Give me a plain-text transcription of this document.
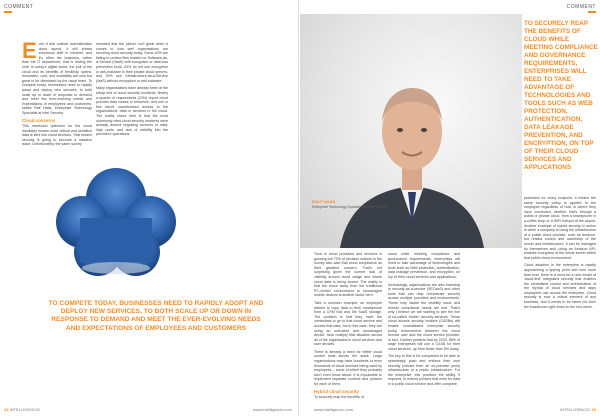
COMMENT

Even if that outlook overestimates cloud spend, it still shows enormous shift in mindset, and it's often the business, rather than the IT department, that is driving the shift. In today's digital world, the pull of the cloud and its benefits of flexibility, speed, innovation, cost, and scalability are now too great to be dismissed by the usual fears. To compete today, businesses need to rapidly adopt and deploy new services, to both scale up or down in response to demand and meet the ever-evolving needs and expectations of employees and customers, states Ralf Haas, Enterprise Technology Specialist at Intel Security.

Cloud concerns

This newfound optimism for the cloud inevitably means more critical and sensitive data is sent into cloud services. That means security is going to become a massive issue. Unfortunately, the same survey

revealed that the picture isn't great when it comes to how well organisations are securing cloud security today. Some 40% are failing to protect files located on Software-as-a-Service (SaaS) with encryption or data loss prevention tools, 43% do not use encryption or anti-malware in their private cloud servers, and 39% use Infrastructure-as-a-Service (IaaS) without encryption or anti-malware.

Many organisations have already been at the sharp end of cloud security incidents. Nearly a quarter of respondents (23%) report cloud provider data losses or breaches, and one in five report unauthorised access to the organisations' data or services in the cloud. The reality check here is that the most commonly cited cloud security incidents were actually around migrating services or data, high costs, and lack of visibility into the provider's operations.

TO COMPETE TODAY, BUSINESSES NEED TO RAPIDLY ADOPT AND DEPLOY NEW SERVICES, TO BOTH SCALE UP OR DOWN IN RESPONSE TO DEMAND AND MEET THE EVER-EVOLVING NEEDS AND EXPECTATIONS OF EMPLOYEES AND CUSTOMERS
24 INTELLIGENCIO	www.intelligencio.com
COMMENT
RALF HAAS
Enterprise Technology Specialist at Intel Security
TO SECURELY REAP THE BENEFITS OF CLOUD WHILE MEETING COMPLIANCE AND GOVERNANCE REQUIREMENTS, ENTERPRISES WILL NEED TO TAKE ADVANTAGE OF TECHNOLOGIES AND TOOLS SUCH AS WEB PROTECTION, AUTHENTICATION, DATA LEAKAGE PREVENTION, AND ENCRYPTION, ON TOP OF THEIR CLOUD SERVICES AND APPLICATIONS

Trust in cloud providers and services is growing but 72% of decision makers in the survey also said that cloud compliance as their greatest concern. That's not surprising given the current lack of visibility around cloud usage and where cloud data is being stored. The reality is that the move away from the traditional PC-centric environment to unmanaged mobile devices is another factor here.

Take a common example: an employee wishes to copy data to their smartphone from a CRM tool and the SaaS storage. The problem is that they have the credentials to go to that cloud service and access that data, but in this case, they are using an untrusted and unmanaged device. Now multiply that situation across all of the organisation's cloud services and user devices.

There is already a need for better cloud control tools across the stack. Large organisations may have hundreds or even thousands of cloud services being used by employees – some of which they probably don't even know about. It is impossible to implement separate controls and policies for each of them.

Hybrid cloud security

To securely reap the benefits of

cloud while meeting compliance and governance requirements, enterprises will need to take advantage of technologies and tools such as Web protection, authentication, data leakage prevention, and encryption, on top of their cloud services and applications.

Increasingly, organisations are also investing in security-as-a-service (SECaaS) and other tools that can help orchestrate security across multiple providers and environments. These help tackle the visibility issue and ensure compliance needs are met. That's why I believe we are starting to see the rise of so-called 'broker' security services. These cloud access security brokers (CASBs) will enable consolidated enterprise security policy enforcement between the cloud service user and the cloud service provider. In fact, Gartner predicts that by 2020, 85% of large enterprises will use a CASB for their cloud services, up from fewer than 5% today.

The key to this is for companies to be able to seamlessly push and enforce their own security policies from an on-premise proxy infrastructure to a public infrastructure. For the enterprise, this provides the ability, if required, to extend policies that exist for data in a public cloud service and offer complete

protection for every endpoint. It means the same security policy is applied to the employee regardless of how or where they have connected, whether that's through a public or private cloud, from a smartphone in a coffee shop or a WiFi hotspot at the airport. Another example of hybrid security in action is when a company is using the infrastructure of a public cloud provider, such as Amazon, but retains control and ownership of the server and infrastructure. It can be managed by themselves and, using an Amazon API, enables encryption of the whole server within that public cloud environment.

Cloud adoption in the enterprise is rapidly approaching a tipping point and now more than ever, there is a need for a new model of 'cloud-first' integrated security that enables the centralised control and orchestration of the myriad of cloud services and apps employees use across the enterprise. Cloud security is now a critical element of any business, and it needs to be taken out from the boardroom right down to the end users.

www.intelligencio.com	INTELLIGENCIO 25
